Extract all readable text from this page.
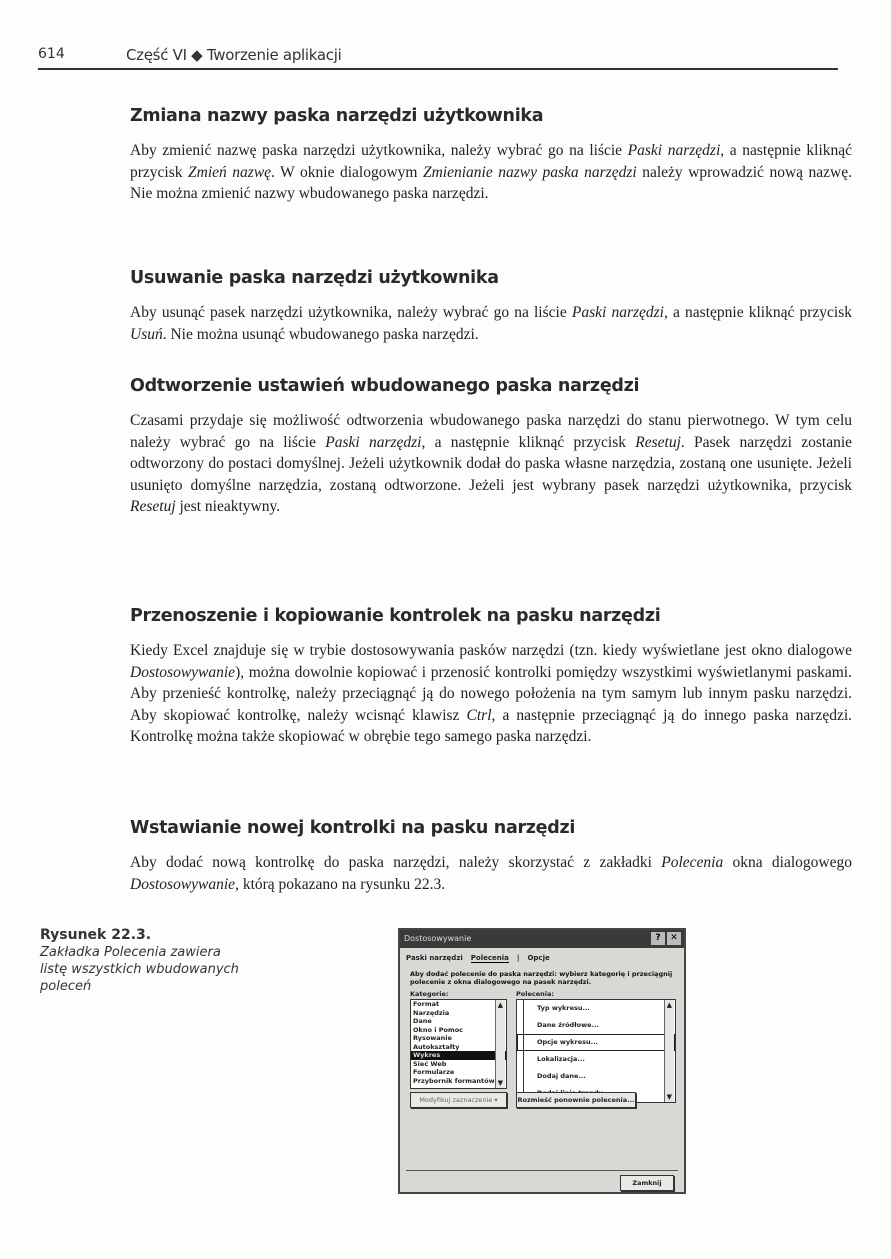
614	Część VI ◆ Tworzenie aplikacji
Zmiana nazwy paska narzędzi użytkownika

Aby zmienić nazwę paska narzędzi użytkownika, należy wybrać go na liście Paski narzędzi, a następnie kliknąć przycisk Zmień nazwę. W oknie dialogowym Zmienianie nazwy paska narzędzi należy wprowadzić nową nazwę. Nie można zmienić nazwy wbudowanego paska narzędzi.

Usuwanie paska narzędzi użytkownika

Aby usunąć pasek narzędzi użytkownika, należy wybrać go na liście Paski narzędzi, a następnie kliknąć przycisk Usuń. Nie można usunąć wbudowanego paska narzędzi.

Odtworzenie ustawień wbudowanego paska narzędzi

Czasami przydaje się możliwość odtworzenia wbudowanego paska narzędzi do stanu pierwotnego. W tym celu należy wybrać go na liście Paski narzędzi, a następnie kliknąć przycisk Resetuj. Pasek narzędzi zostanie odtworzony do postaci domyślnej. Jeżeli użytkownik dodał do paska własne narzędzia, zostaną one usunięte. Jeżeli usunięto domyślne narzędzia, zostaną odtworzone. Jeżeli jest wybrany pasek narzędzi użytkownika, przycisk Resetuj jest nieaktywny.

Przenoszenie i kopiowanie kontrolek na pasku narzędzi

Kiedy Excel znajduje się w trybie dostosowywania pasków narzędzi (tzn. kiedy wyświetlane jest okno dialogowe Dostosowywanie), można dowolnie kopiować i przenosić kontrolki pomiędzy wszystkimi wyświetlanymi paskami. Aby przenieść kontrolkę, należy przeciągnąć ją do nowego położenia na tym samym lub innym pasku narzędzi. Aby skopiować kontrolkę, należy wcisnąć klawisz Ctrl, a następnie przeciągnąć ją do innego paska narzędzi. Kontrolkę można także skopiować w obrębie tego samego paska narzędzi.

Wstawianie nowej kontrolki na pasku narzędzi

Aby dodać nową kontrolkę do paska narzędzi, należy skorzystać z zakładki Polecenia okna dialogowego Dostosowywanie, którą pokazano na rysunku 22.3.

Rysunek 22.3.
Zakładka Polecenia zawiera listę wszystkich wbudowanych poleceń
Dostosowywanie	?	✕
Paski narzędzi Polecenia | Opcje
Aby dodać polecenie do paska narzędzi: wybierz kategorię i przeciągnij polecenie z okna dialogowego na pasek narzędzi.
Kategorie:	Polecenia:
Format
Narzędzia
Dane
Okno i Pomoc
Rysowanie
Autokształty
Wykres
Sieć Web
Formularze
Przybornik formantów
▲
▼
Typ wykresu...
Dane źródłowe...
Opcje wykresu...
Lokalizacja...
Dodaj dane...
▲
▼
Modyfikuj zaznaczenie ▾	Rozmieść ponownie polecenia...
Zamknij
